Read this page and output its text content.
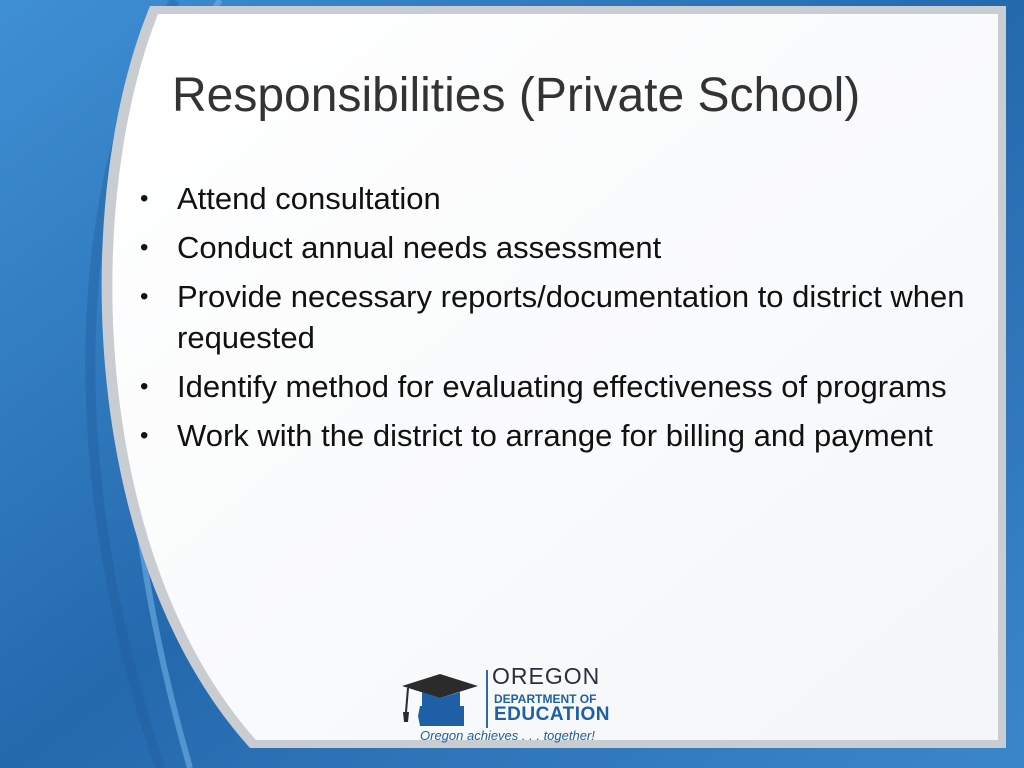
Responsibilities (Private School)
• Attend consultation
• Conduct annual needs assessment
• Provide necessary reports/documentation to district when requested
• Identify method for evaluating effectiveness of programs
• Work with the district to arrange for billing and payment
OREGON
DEPARTMENT OF
EDUCATION
Oregon achieves . . . together!
